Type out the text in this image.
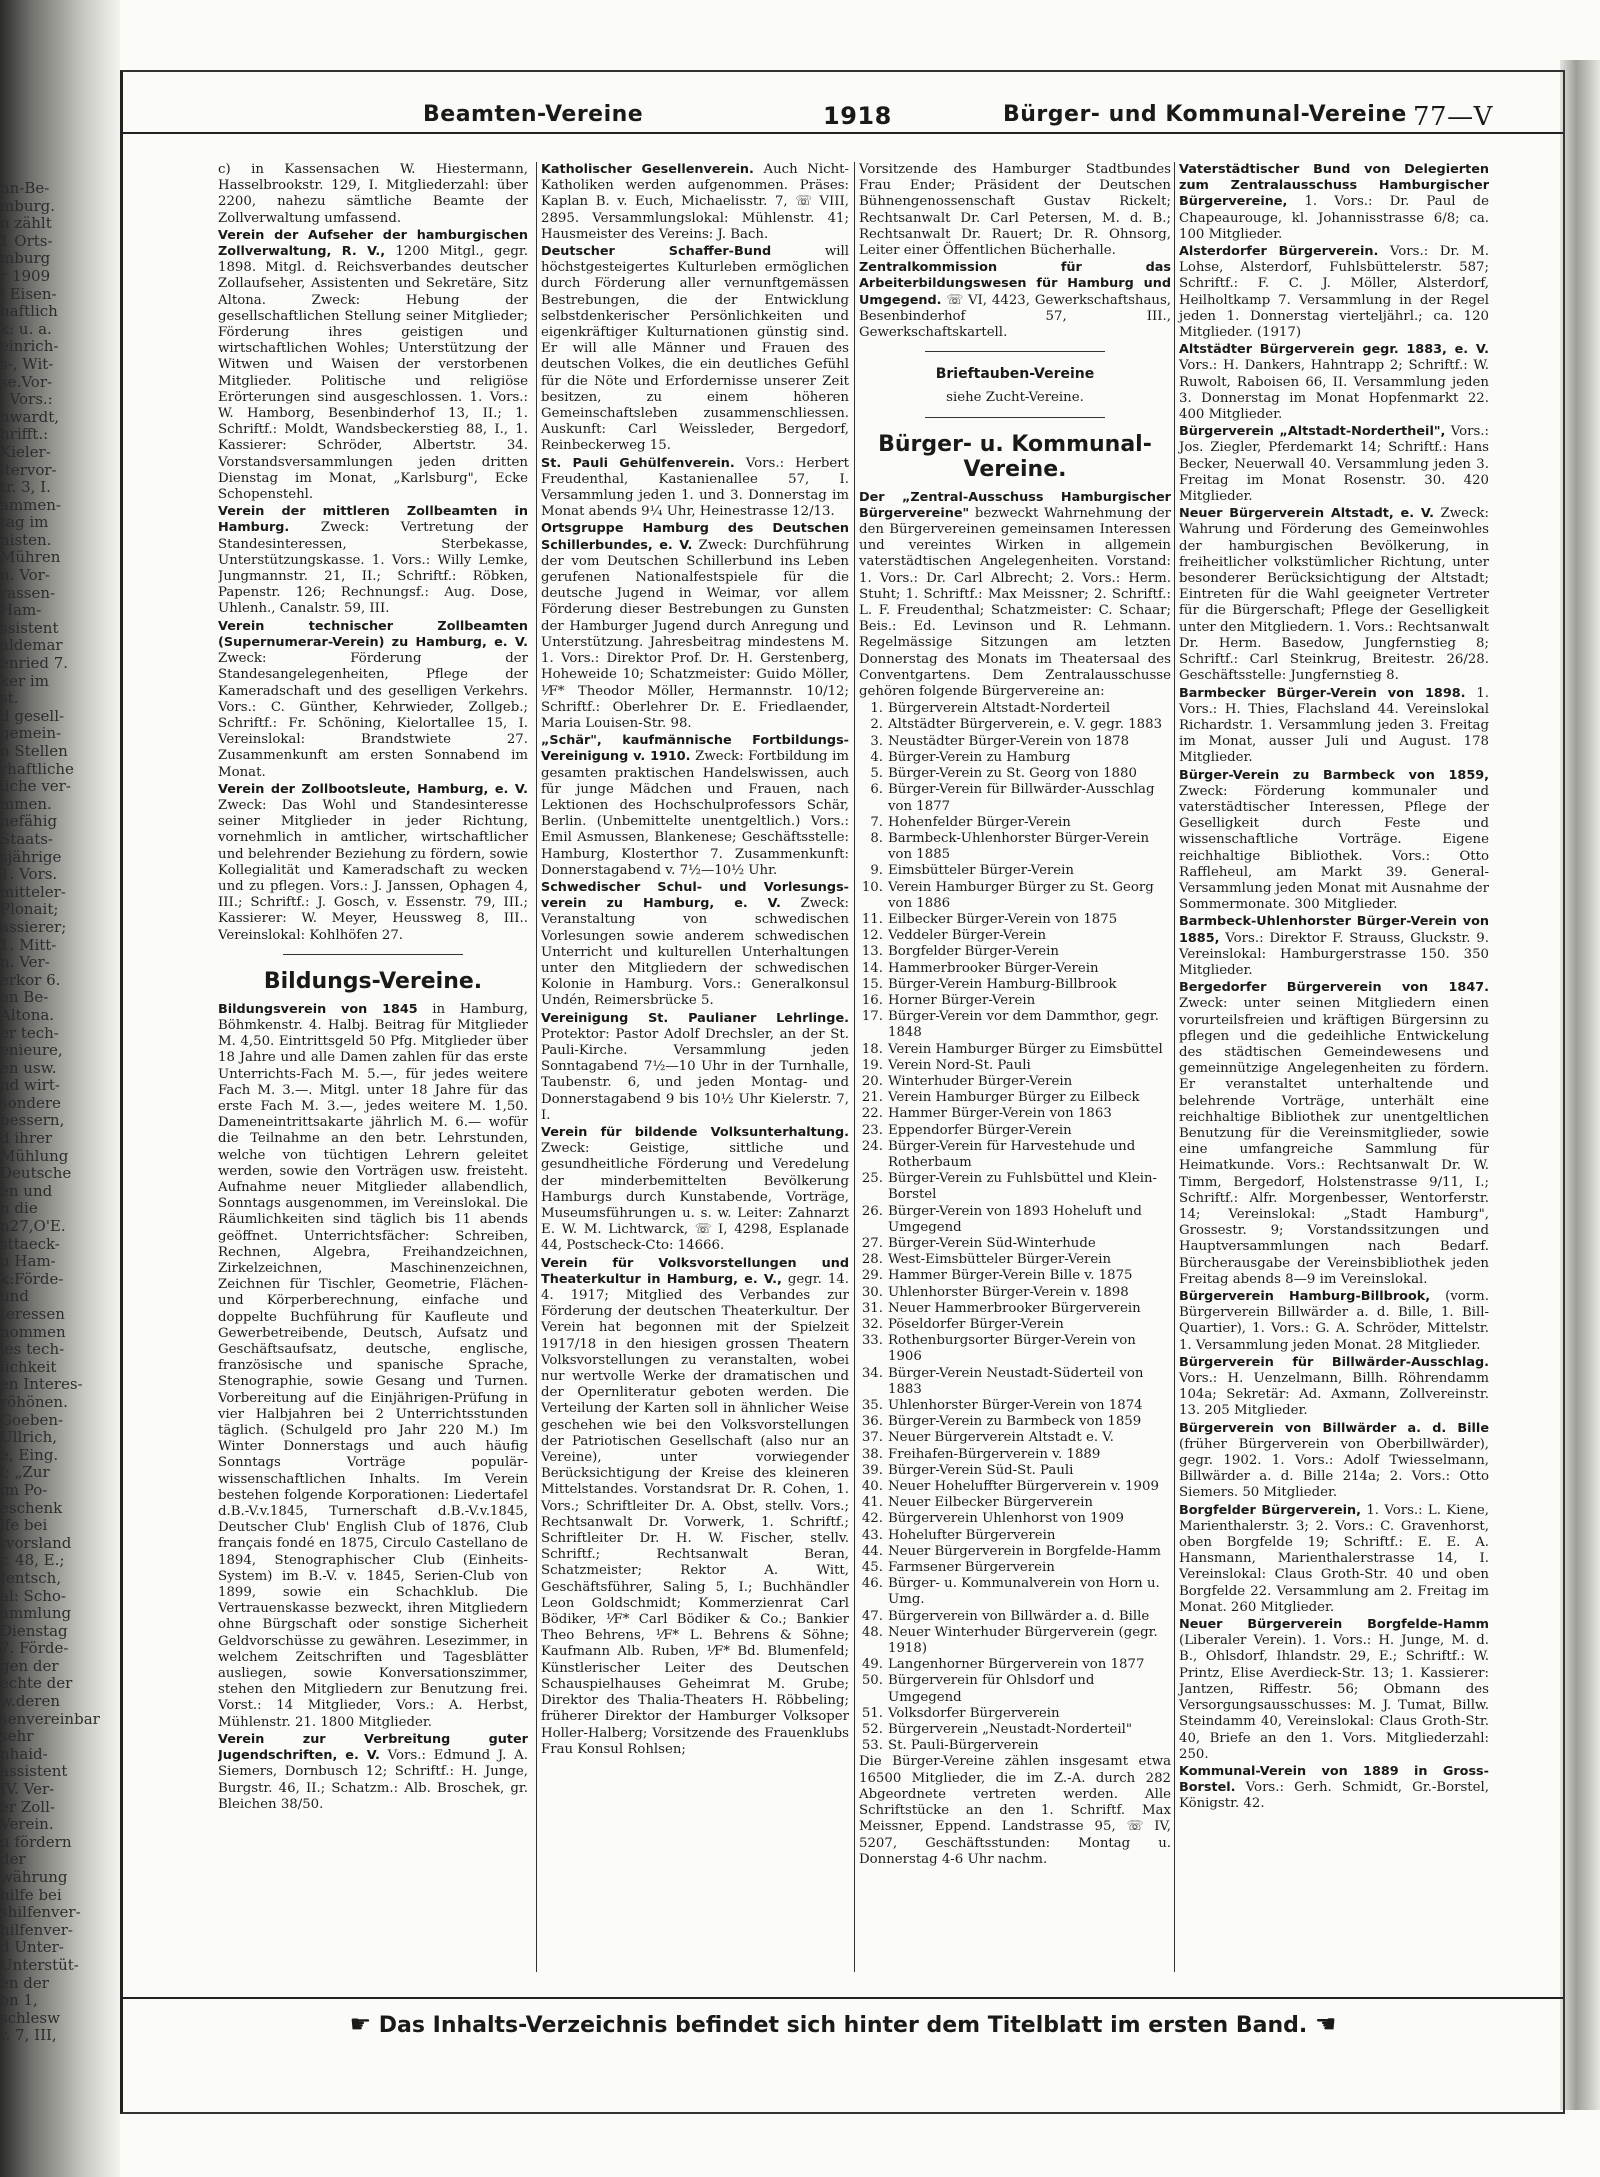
hn-Be-
mburg.
n zählt
1 Orts-
mburg
r 1909
i Eisen-
haftlich
k: u. a.
einrich-
s-, Wit-
se.Vor-
. Vors.:
hwardt,
hrifft.:
Kieler-
itervor-
tr. 3, I.
ammen-
tag im
nisten.
Mühren
n. Vor-
rassen-
Ham-
ssistent
aldemar
enried 7.
ker im
st.
d gesell-
gemein-
n Stellen
rhaftliche
liche ver-
mmen.
nefähig
Staats-
sjährige
1. Vors.
mitteler-
Plonait;
assierer;
1. Mitt-
n. Ver-
erkor 6.
en Be-
Altona.
er tech-
enieure,
en usw.
nd wirt-
sondere
bessern,
d ihrer
Mühlung
Deutsche
en und
n die
n27,O'E.
sttaeck-
u Ham-
k:Förde-
und
teressen
nommen
les tech-
lichkeit
en Interes-
röhönen.
Goeben-
Ullrich,
e, Eing.
l; „Zur
im Po-
eschenk
lfe bei
tvorsland
r. 48, E.;
Jentsch,
al: Scho-
ammlung
Dienstag
7. Förde-
gen der
echte der
w.deren
senvereinbar
sehr
nhaid-
assistent
IV. Ver-
er Zoll-
Verein.
u fördern
der
währung
hilfe bei
shilfenver-
hilfenver-
d Unter-
Unterstüt-
en der
on 1,
schlesw
r. 7, III,
Beamten-Vereine	1918	Bürger- und Kommunal-Vereine 77—V

c) in Kassensachen W. Hiestermann, Hasselbrookstr. 129, I. Mitgliederzahl: über 2200, nahezu sämtliche Beamte der Zollverwaltung umfassend.

Verein der Aufseher der hamburgischen Zollverwaltung, R. V., 1200 Mitgl., gegr. 1898. Mitgl. d. Reichsverbandes deutscher Zollaufseher, Assistenten und Sekretäre, Sitz Altona. Zweck: Hebung der gesellschaftlichen Stellung seiner Mitglieder; Förderung ihres geistigen und wirtschaftlichen Wohles; Unterstützung der Witwen und Waisen der verstorbenen Mitglieder. Politische und religiöse Erörterungen sind ausgeschlossen. 1. Vors.: W. Hamborg, Besenbinderhof 13, II.; 1. Schriftf.: Moldt, Wandsbeckerstieg 88, I., 1. Kassierer: Schröder, Albertstr. 34. Vorstandsversammlungen jeden dritten Dienstag im Monat, „Karlsburg", Ecke Schopenstehl.

Verein der mittleren Zollbeamten in Hamburg. Zweck: Vertretung der Standesinteressen, Sterbekasse, Unterstützungskasse. 1. Vors.: Willy Lemke, Jungmannstr. 21, II.; Schriftf.: Röbken, Papenstr. 126; Rechnungsf.: Aug. Dose, Uhlenh., Canalstr. 59, III.

Verein technischer Zollbeamten (Supernumerar-Verein) zu Hamburg, e. V. Zweck: Förderung der Standesangelegenheiten, Pflege der Kameradschaft und des geselligen Verkehrs. Vors.: C. Günther, Kehrwieder, Zollgeb.; Schriftf.: Fr. Schöning, Kielortallee 15, I. Vereinslokal: Brandstwiete 27. Zusammenkunft am ersten Sonnabend im Monat.

Verein der Zollbootsleute, Hamburg, e. V. Zweck: Das Wohl und Standesinteresse seiner Mitglieder in jeder Richtung, vornehmlich in amtlicher, wirtschaftlicher und belehrender Beziehung zu fördern, sowie Kollegialität und Kameradschaft zu wecken und zu pflegen. Vors.: J. Janssen, Ophagen 4, III.; Schriftf.: J. Gosch, v. Essenstr. 79, III.; Kassierer: W. Meyer, Heussweg 8, III.. Vereinslokal: Kohlhöfen 27.

Bildungs-Vereine.

Bildungsverein von 1845 in Hamburg, Böhmkenstr. 4. Halbj. Beitrag für Mitglieder M. 4,50. Eintrittsgeld 50 Pfg. Mitglieder über 18 Jahre und alle Damen zahlen für das erste Unterrichts-Fach M. 5.—, für jedes weitere Fach M. 3.—. Mitgl. unter 18 Jahre für das erste Fach M. 3.—, jedes weitere M. 1,50. Dameneintrittsakarte jährlich M. 6.— wofür die Teilnahme an den betr. Lehrstunden, welche von tüchtigen Lehrern geleitet werden, sowie den Vorträgen usw. freisteht. Aufnahme neuer Mitglieder allabendlich, Sonntags ausgenommen, im Vereinslokal. Die Räumlichkeiten sind täglich bis 11 abends geöffnet. Unterrichtsfächer: Schreiben, Rechnen, Algebra, Freihandzeichnen, Zirkelzeichnen, Maschinenzeichnen, Zeichnen für Tischler, Geometrie, Flächen- und Körperberechnung, einfache und doppelte Buchführung für Kaufleute und Gewerbetreibende, Deutsch, Aufsatz und Geschäftsaufsatz, deutsche, englische, französische und spanische Sprache, Stenographie, sowie Gesang und Turnen. Vorbereitung auf die Einjährigen-Prüfung in vier Halbjahren bei 2 Unterrichtsstunden täglich. (Schulgeld pro Jahr 220 M.) Im Winter Donnerstags und auch häufig Sonntags Vorträge populär-wissenschaftlichen Inhalts. Im Verein bestehen folgende Korporationen: Liedertafel d.B.-V.v.1845, Turnerschaft d.B.-V.v.1845, Deutscher Club' English Club of 1876, Club français fondé en 1875, Circulo Castellano de 1894, Stenographischer Club (Einheits-System) im B.-V. v. 1845, Serien-Club von 1899, sowie ein Schachklub. Die Vertrauenskasse bezweckt, ihren Mitgliedern ohne Bürgschaft oder sonstige Sicherheit Geldvorschüsse zu gewähren. Lesezimmer, in welchem Zeitschriften und Tagesblätter ausliegen, sowie Konversationszimmer, stehen den Mitgliedern zur Benutzung frei. Vorst.: 14 Mitglieder, Vors.: A. Herbst, Mühlenstr. 21. 1800 Mitglieder.

Verein zur Verbreitung guter Jugendschriften, e. V. Vors.: Edmund J. A. Siemers, Dornbusch 12; Schriftf.: H. Junge, Burgstr. 46, II.; Schatzm.: Alb. Broschek, gr. Bleichen 38/50.

Katholischer Gesellenverein. Auch Nicht-Katholiken werden aufgenommen. Präses: Kaplan B. v. Euch, Michaelisstr. 7, ☏ VIII, 2895. Versammlungslokal: Mühlenstr. 41; Hausmeister des Vereins: J. Bach.

Deutscher Schaffer-Bund will höchstgesteigertes Kulturleben ermöglichen durch Förderung aller vernunftgemässen Bestrebungen, die der Entwicklung selbstdenkerischer Persönlichkeiten und eigenkräftiger Kulturnationen günstig sind. Er will alle Männer und Frauen des deutschen Volkes, die ein deutliches Gefühl für die Nöte und Erfordernisse unserer Zeit besitzen, zu einem höheren Gemeinschaftsleben zusammenschliessen. Auskunft: Carl Weissleder, Bergedorf, Reinbeckerweg 15.

St. Pauli Gehülfenverein. Vors.: Herbert Freudenthal, Kastanienallee 57, I. Versammlung jeden 1. und 3. Donnerstag im Monat abends 9¼ Uhr, Heinestrasse 12/13.

Ortsgruppe Hamburg des Deutschen Schillerbundes, e. V. Zweck: Durchführung der vom Deutschen Schillerbund ins Leben gerufenen Nationalfestspiele für die deutsche Jugend in Weimar, vor allem Förderung dieser Bestrebungen zu Gunsten der Hamburger Jugend durch Anregung und Unterstützung. Jahresbeitrag mindestens M. 1. Vors.: Direktor Prof. Dr. H. Gerstenberg, Hoheweide 10; Schatzmeister: Guido Möller, ⅟F* Theodor Möller, Hermannstr. 10/12; Schriftf.: Oberlehrer Dr. E. Friedlaender, Maria Louisen-Str. 98.

„Schär", kaufmännische Fortbildungs-Vereinigung v. 1910. Zweck: Fortbildung im gesamten praktischen Handelswissen, auch für junge Mädchen und Frauen, nach Lektionen des Hochschulprofessors Schär, Berlin. (Unbemittelte unentgeltlich.) Vors.: Emil Asmussen, Blankenese; Geschäftsstelle: Hamburg, Klosterthor 7. Zusammenkunft: Donnerstagabend v. 7½—10½ Uhr.

Schwedischer Schul- und Vorlesungs-verein zu Hamburg, e. V. Zweck: Veranstaltung von schwedischen Vorlesungen sowie anderem schwedischen Unterricht und kulturellen Unterhaltungen unter den Mitgliedern der schwedischen Kolonie in Hamburg. Vors.: Generalkonsul Undén, Reimersbrücke 5.

Vereinigung St. Paulianer Lehrlinge. Protektor: Pastor Adolf Drechsler, an der St. Pauli-Kirche. Versammlung jeden Sonntagabend 7½—10 Uhr in der Turnhalle, Taubenstr. 6, und jeden Montag- und Donnerstagabend 9 bis 10½ Uhr Kielerstr. 7, I.

Verein für bildende Volksunterhaltung. Zweck: Geistige, sittliche und gesundheitliche Förderung und Veredelung der minderbemittelten Bevölkerung Hamburgs durch Kunstabende, Vorträge, Museumsführungen u. s. w. Leiter: Zahnarzt E. W. M. Lichtwarck, ☏ I, 4298, Esplanade 44, Postscheck-Cto: 14666.

Verein für Volksvorstellungen und Theaterkultur in Hamburg, e. V., gegr. 14. 4. 1917; Mitglied des Verbandes zur Förderung der deutschen Theaterkultur. Der Verein hat begonnen mit der Spielzeit 1917/18 in den hiesigen grossen Theatern Volksvorstellungen zu veranstalten, wobei nur wertvolle Werke der dramatischen und der Opernliteratur geboten werden. Die Verteilung der Karten soll in ähnlicher Weise geschehen wie bei den Volksvorstellungen der Patriotischen Gesellschaft (also nur an Vereine), unter vorwiegender Berücksichtigung der Kreise des kleineren Mittelstandes. Vorstandsrat Dr. R. Cohen, 1. Vors.; Schriftleiter Dr. A. Obst, stellv. Vors.; Rechtsanwalt Dr. Vorwerk, 1. Schriftf.; Schriftleiter Dr. H. W. Fischer, stellv. Schriftf.; Rechtsanwalt Beran, Schatzmeister; Rektor A. Witt, Geschäftsführer, Saling 5, I.; Buchhändler Leon Goldschmidt; Kommerzienrat Carl Bödiker, ⅟F* Carl Bödiker & Co.; Bankier Theo Behrens, ⅟F* L. Behrens & Söhne; Kaufmann Alb. Ruben, ⅟F* Bd. Blumenfeld; Künstlerischer Leiter des Deutschen Schauspielhauses Geheimrat M. Grube; Direktor des Thalia-Theaters H. Röbbeling; früherer Direktor der Hamburger Volksoper Holler-Halberg; Vorsitzende des Frauenklubs Frau Konsul Rohlsen;

Vorsitzende des Hamburger Stadtbundes Frau Ender; Präsident der Deutschen Bühnengenossenschaft Gustav Rickelt; Rechtsanwalt Dr. Carl Petersen, M. d. B.; Rechtsanwalt Dr. Rauert; Dr. R. Ohnsorg, Leiter einer Öffentlichen Bücherhalle.

Zentralkommission für das Arbeiterbildungswesen für Hamburg und Umgegend. ☏ VI, 4423, Gewerkschaftshaus, Besenbinderhof 57, III., Gewerkschaftskartell.

Brieftauben-Vereine
siehe Zucht-Vereine.
Bürger- u. Kommunal-Vereine.

Der „Zentral-Ausschuss Hamburgischer Bürgervereine" bezweckt Wahrnehmung der den Bürgervereinen gemeinsamen Interessen und vereintes Wirken in allgemein vaterstädtischen Angelegenheiten. Vorstand: 1. Vors.: Dr. Carl Albrecht; 2. Vors.: Herm. Stuht; 1. Schriftf.: Max Meissner; 2. Schriftf.: L. F. Freudenthal; Schatzmeister: C. Schaar; Beis.: Ed. Levinson und R. Lehmann. Regelmässige Sitzungen am letzten Donnerstag des Monats im Theatersaal des Conventgartens. Dem Zentralausschusse gehören folgende Bürgervereine an:

1. Bürgerverein Altstadt-Norderteil
2. Altstädter Bürgerverein, e. V. gegr. 1883
3. Neustädter Bürger-Verein von 1878
4. Bürger-Verein zu Hamburg
5. Bürger-Verein zu St. Georg von 1880
6. Bürger-Verein für Billwärder-Ausschlag von 1877
7. Hohenfelder Bürger-Verein
8. Barmbeck-Uhlenhorster Bürger-Verein von 1885
9. Eimsbütteler Bürger-Verein
10. Verein Hamburger Bürger zu St. Georg von 1886
11. Eilbecker Bürger-Verein von 1875
12. Veddeler Bürger-Verein
13. Borgfelder Bürger-Verein
14. Hammerbrooker Bürger-Verein
15. Bürger-Verein Hamburg-Billbrook
16. Horner Bürger-Verein
17. Bürger-Verein vor dem Dammthor, gegr. 1848
18. Verein Hamburger Bürger zu Eimsbüttel
19. Verein Nord-St. Pauli
20. Winterhuder Bürger-Verein
21. Verein Hamburger Bürger zu Eilbeck
22. Hammer Bürger-Verein von 1863
23. Eppendorfer Bürger-Verein
24. Bürger-Verein für Harvestehude und Rotherbaum
25. Bürger-Verein zu Fuhlsbüttel und Klein-Borstel
26. Bürger-Verein von 1893 Hoheluft und Umgegend
27. Bürger-Verein Süd-Winterhude
28. West-Eimsbütteler Bürger-Verein
29. Hammer Bürger-Verein Bille v. 1875
30. Uhlenhorster Bürger-Verein v. 1898
31. Neuer Hammerbrooker Bürgerverein
32. Pöseldorfer Bürger-Verein
33. Rothenburgsorter Bürger-Verein von 1906
34. Bürger-Verein Neustadt-Süderteil von 1883
35. Uhlenhorster Bürger-Verein von 1874
36. Bürger-Verein zu Barmbeck von 1859
37. Neuer Bürgerverein Altstadt e. V.
38. Freihafen-Bürgerverein v. 1889
39. Bürger-Verein Süd-St. Pauli
40. Neuer Hoheluffter Bürgerverein v. 1909
41. Neuer Eilbecker Bürgerverein
42. Bürgerverein Uhlenhorst von 1909
43. Hohelufter Bürgerverein
44. Neuer Bürgerverein in Borgfelde-Hamm
45. Farmsener Bürgerverein
46. Bürger- u. Kommunalverein von Horn u. Umg.
47. Bürgerverein von Billwärder a. d. Bille
48. Neuer Winterhuder Bürgerverein (gegr. 1918)
49. Langenhorner Bürgerverein von 1877
50. Bürgerverein für Ohlsdorf und Umgegend
51. Volksdorfer Bürgerverein
52. Bürgerverein „Neustadt-Norderteil"
53. St. Pauli-Bürgerverein

Die Bürger-Vereine zählen insgesamt etwa 16500 Mitglieder, die im Z.-A. durch 282 Abgeordnete vertreten werden. Alle Schriftstücke an den 1. Schriftf. Max Meissner, Eppend. Landstrasse 95, ☏ IV, 5207, Geschäftsstunden: Montag u. Donnerstag 4-6 Uhr nachm.

Vaterstädtischer Bund von Delegierten zum Zentralausschuss Hamburgischer Bürgervereine, 1. Vors.: Dr. Paul de Chapeaurouge, kl. Johannisstrasse 6/8; ca. 100 Mitglieder.

Alsterdorfer Bürgerverein. Vors.: Dr. M. Lohse, Alsterdorf, Fuhlsbüttelerstr. 587; Schriftf.: F. C. J. Möller, Alsterdorf, Heilholtkamp 7. Versammlung in der Regel jeden 1. Donnerstag vierteljährl.; ca. 120 Mitglieder. (1917)

Altstädter Bürgerverein gegr. 1883, e. V. Vors.: H. Dankers, Hahntrapp 2; Schriftf.: W. Ruwolt, Raboisen 66, II. Versammlung jeden 3. Donnerstag im Monat Hopfenmarkt 22. 400 Mitglieder.

Bürgerverein „Altstadt-Nordertheil", Vors.: Jos. Ziegler, Pferdemarkt 14; Schriftf.: Hans Becker, Neuerwall 40. Versammlung jeden 3. Freitag im Monat Rosenstr. 30. 420 Mitglieder.

Neuer Bürgerverein Altstadt, e. V. Zweck: Wahrung und Förderung des Gemeinwohles der hamburgischen Bevölkerung, in freiheitlicher volkstümlicher Richtung, unter besonderer Berücksichtigung der Altstadt; Eintreten für die Wahl geeigneter Vertreter für die Bürgerschaft; Pflege der Geselligkeit unter den Mitgliedern. 1. Vors.: Rechtsanwalt Dr. Herm. Basedow, Jungfernstieg 8; Schriftf.: Carl Steinkrug, Breitestr. 26/28. Geschäftsstelle: Jungfernstieg 8.

Barmbecker Bürger-Verein von 1898. 1. Vors.: H. Thies, Flachsland 44. Vereinslokal Richardstr. 1. Versammlung jeden 3. Freitag im Monat, ausser Juli und August. 178 Mitglieder.

Bürger-Verein zu Barmbeck von 1859, Zweck: Förderung kommunaler und vaterstädtischer Interessen, Pflege der Geselligkeit durch Feste und wissenschaftliche Vorträge. Eigene reichhaltige Bibliothek. Vors.: Otto Raffleheul, am Markt 39. General-Versammlung jeden Monat mit Ausnahme der Sommermonate. 300 Mitglieder.

Barmbeck-Uhlenhorster Bürger-Verein von 1885, Vors.: Direktor F. Strauss, Gluckstr. 9. Vereinslokal: Hamburgerstrasse 150. 350 Mitglieder.

Bergedorfer Bürgerverein von 1847. Zweck: unter seinen Mitgliedern einen vorurteilsfreien und kräftigen Bürgersinn zu pflegen und die gedeihliche Entwickelung des städtischen Gemeindewesens und gemeinnützige Angelegenheiten zu fördern. Er veranstaltet unterhaltende und belehrende Vorträge, unterhält eine reichhaltige Bibliothek zur unentgeltlichen Benutzung für die Vereinsmitglieder, sowie eine umfangreiche Sammlung für Heimatkunde. Vors.: Rechtsanwalt Dr. W. Timm, Bergedorf, Holstenstrasse 9/11, I.; Schriftf.: Alfr. Morgenbesser, Wentorferstr. 14; Vereinslokal: „Stadt Hamburg", Grossestr. 9; Vorstandssitzungen und Hauptversammlungen nach Bedarf. Bürcherausgabe der Vereinsbibliothek jeden Freitag abends 8—9 im Vereinslokal.

Bürgerverein Hamburg-Billbrook, (vorm. Bürgerverein Billwärder a. d. Bille, 1. Bill-Quartier), 1. Vors.: G. A. Schröder, Mittelstr. 1. Versammlung jeden Monat. 28 Mitglieder.

Bürgerverein für Billwärder-Ausschlag. Vors.: H. Uenzelmann, Billh. Röhrendamm 104a; Sekretär: Ad. Axmann, Zollvereinstr. 13. 205 Mitglieder.

Bürgerverein von Billwärder a. d. Bille (früher Bürgerverein von Oberbillwärder), gegr. 1902. 1. Vors.: Adolf Twiesselmann, Billwärder a. d. Bille 214a; 2. Vors.: Otto Siemers. 50 Mitglieder.

Borgfelder Bürgerverein, 1. Vors.: L. Kiene, Marienthalerstr. 3; 2. Vors.: C. Gravenhorst, oben Borgfelde 19; Schriftf.: E. E. A. Hansmann, Marienthalerstrasse 14, I. Vereinslokal: Claus Groth-Str. 40 und oben Borgfelde 22. Versammlung am 2. Freitag im Monat. 260 Mitglieder.

Neuer Bürgerverein Borgfelde-Hamm (Liberaler Verein). 1. Vors.: H. Junge, M. d. B., Ohlsdorf, Ihlandstr. 29, E.; Schriftf.: W. Printz, Elise Averdieck-Str. 13; 1. Kassierer: Jantzen, Riffestr. 56; Obmann des Versorgungsausschusses: M. J. Tumat, Billw. Steindamm 40, Vereinslokal: Claus Groth-Str. 40, Briefe an den 1. Vors. Mitgliederzahl: 250.

Kommunal-Verein von 1889 in Gross-Borstel. Vors.: Gerh. Schmidt, Gr.-Borstel, Königstr. 42.

☛ Das Inhalts-Verzeichnis befindet sich hinter dem Titelblatt im ersten Band. ☚
